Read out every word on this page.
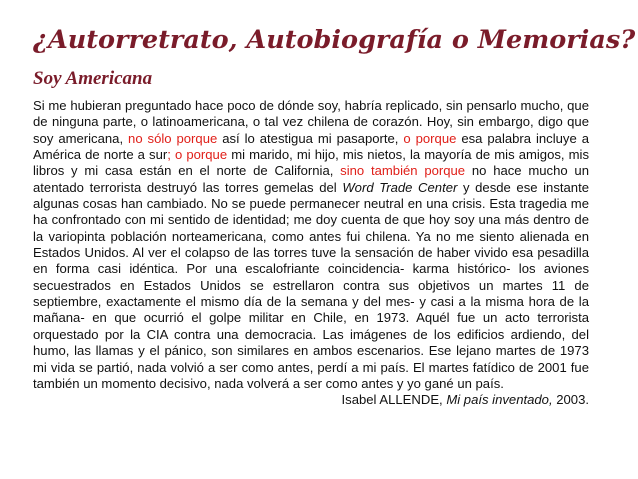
¿Autorretrato, Autobiografía o Memorias?
Soy Americana

Si me hubieran preguntado hace poco de dónde soy, habría replicado, sin pensarlo mucho, que de ninguna parte, o latinoamericana, o tal vez chilena de corazón. Hoy, sin embargo, digo que soy americana, no sólo porque así lo atestigua mi pasaporte, o porque esa palabra incluye a América de norte a sur; o porque mi marido, mi hijo, mis nietos, la mayoría de mis amigos, mis libros y mi casa están en el norte de California, sino también porque no hace mucho un atentado terrorista destruyó las torres gemelas del Word Trade Center y desde ese instante algunas cosas han cambiado. No se puede permanecer neutral en una crisis. Esta tragedia me ha confrontado con mi sentido de identidad; me doy cuenta de que hoy soy una más dentro de la variopinta población norteamericana, como antes fui chilena. Ya no me siento alienada en Estados Unidos. Al ver el colapso de las torres tuve la sensación de haber vivido esa pesadilla en forma casi idéntica. Por una escalofriante coincidencia- karma histórico- los aviones secuestrados en Estados Unidos se estrellaron contra sus objetivos un martes 11 de septiembre, exactamente el mismo día de la semana y del mes- y casi a la misma hora de la mañana- en que ocurrió el golpe militar en Chile, en 1973. Aquél fue un acto terrorista orquestado por la CIA contra una democracia. Las imágenes de los edificios ardiendo, del humo, las llamas y el pánico, son similares en ambos escenarios. Ese lejano martes de 1973 mi vida se partió, nada volvió a ser como antes, perdí a mi país. El martes fatídico de 2001 fue también un momento decisivo, nada volverá a ser como antes y yo gané un país.
Isabel ALLENDE, Mi país inventado, 2003.
